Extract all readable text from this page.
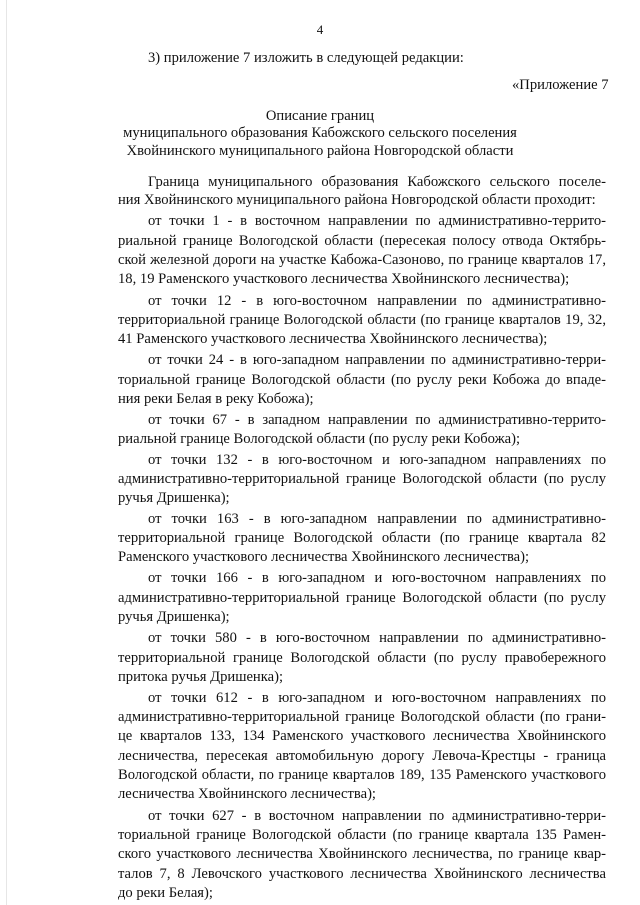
4
3) приложение 7 изложить в следующей редакции:
«Приложение 7
Описание границ
муниципального образования Кабожского сельского поселения
Хвойнинского муниципального района Новгородской области
Граница муниципального образования Кабожского сельского поселе-
ния Хвойнинского муниципального района Новгородской области проходит:
от точки 1 - в восточном направлении по административно-террито-
риальной границе Вологодской области (пересекая полосу отвода Октябрь-
ской железной дороги на участке Кабожа-Сазоново, по границе кварталов 17,
18, 19 Раменского участкового лесничества Хвойнинского лесничества);
от точки 12 - в юго-восточном направлении по административно-
территориальной границе Вологодской области (по границе кварталов 19, 32,
41 Раменского участкового лесничества Хвойнинского лесничества);
от точки 24 - в юго-западном направлении по административно-терри-
ториальной границе Вологодской области (по руслу реки Кобожа до впаде-
ния реки Белая в реку Кобожа);
от точки 67 - в западном направлении по административно-террито-
риальной границе Вологодской области (по руслу реки Кобожа);
от точки 132 - в юго-восточном и юго-западном направлениях по
административно-территориальной границе Вологодской области (по руслу
ручья Дришенка);
от точки 163 - в юго-западном направлении по административно-
территориальной границе Вологодской области (по границе квартала 82
Раменского участкового лесничества Хвойнинского лесничества);
от точки 166 - в юго-западном и юго-восточном направлениях по
административно-территориальной границе Вологодской области (по руслу
ручья Дришенка);
от точки 580 - в юго-восточном направлении по административно-
территориальной границе Вологодской области (по руслу правобережного
притока ручья Дришенка);
от точки 612 - в юго-западном и юго-восточном направлениях по
административно-территориальной границе Вологодской области (по грани-
це кварталов 133, 134 Раменского участкового лесничества Хвойнинского
лесничества, пересекая автомобильную дорогу Левоча-Крестцы - граница
Вологодской области, по границе кварталов 189, 135 Раменского участкового
лесничества Хвойнинского лесничества);
от точки 627 - в восточном направлении по административно-терри-
ториальной границе Вологодской области (по границе квартала 135 Рамен-
ского участкового лесничества Хвойнинского лесничества, по границе квар-
талов 7, 8 Левочского участкового лесничества Хвойнинского лесничества
до реки Белая);
